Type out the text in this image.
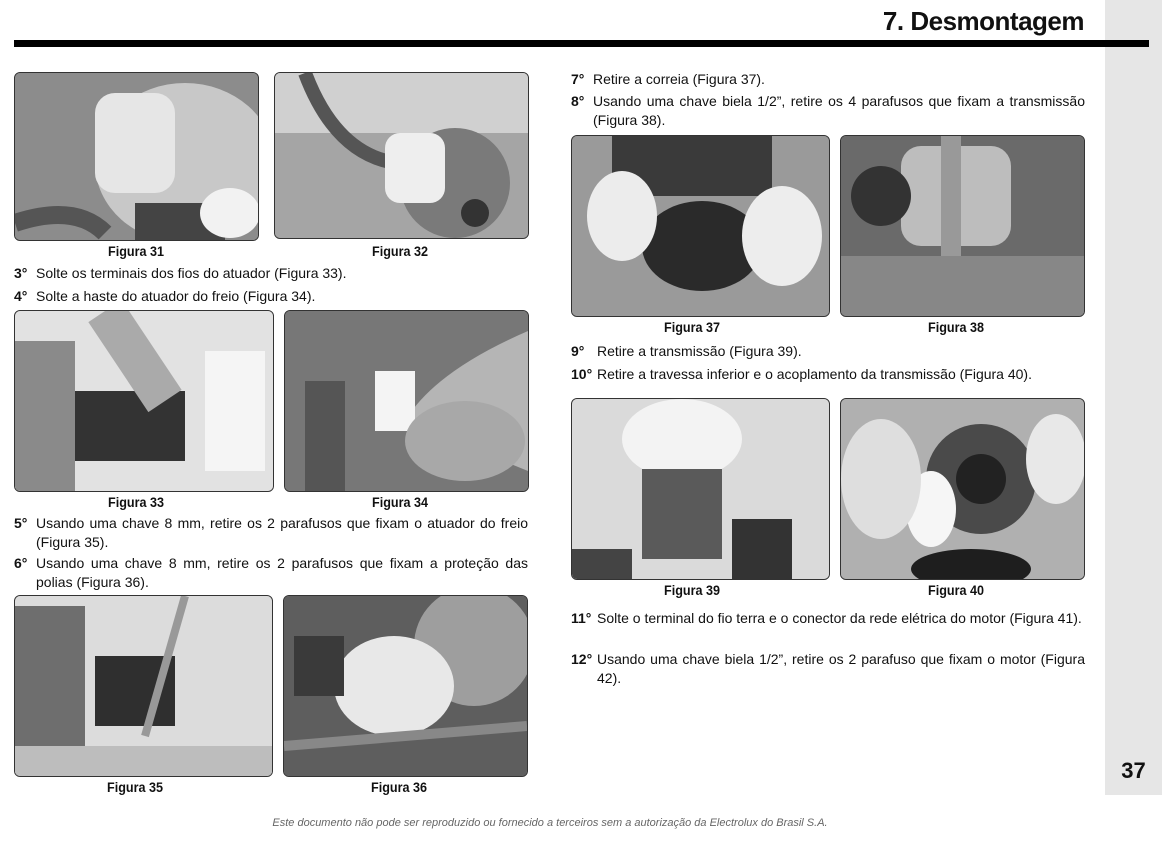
37
7. Desmontagem
Figura 31	Figura 32
3° Solte os terminais dos fios do atuador (Figura 33).
4° Solte a haste do atuador do freio (Figura 34).
Figura 33	Figura 34
5° Usando uma chave 8 mm, retire os 2 parafusos que fixam o atuador do freio (Figura 35).
6° Usando uma chave 8 mm, retire os 2 parafusos que fixam a proteção das polias (Figura 36).
Figura 35	Figura 36
7° Retire a correia (Figura 37).
8° Usando uma chave biela 1/2”, retire os 4 parafusos que fixam a transmissão (Figura 38).
Figura 37	Figura 38
9° Retire a transmissão (Figura 39).
10° Retire a travessa inferior e o acoplamento da transmissão (Figura 40).
Figura 39	Figura 40
11° Solte o terminal do fio terra e o conector da rede elétrica do motor (Figura 41).
12° Usando uma chave biela 1/2”, retire os 2 parafuso que fixam o motor (Figura 42).
Este documento não pode ser reproduzido ou fornecido a terceiros sem a autorização da Electrolux do Brasil S.A.
